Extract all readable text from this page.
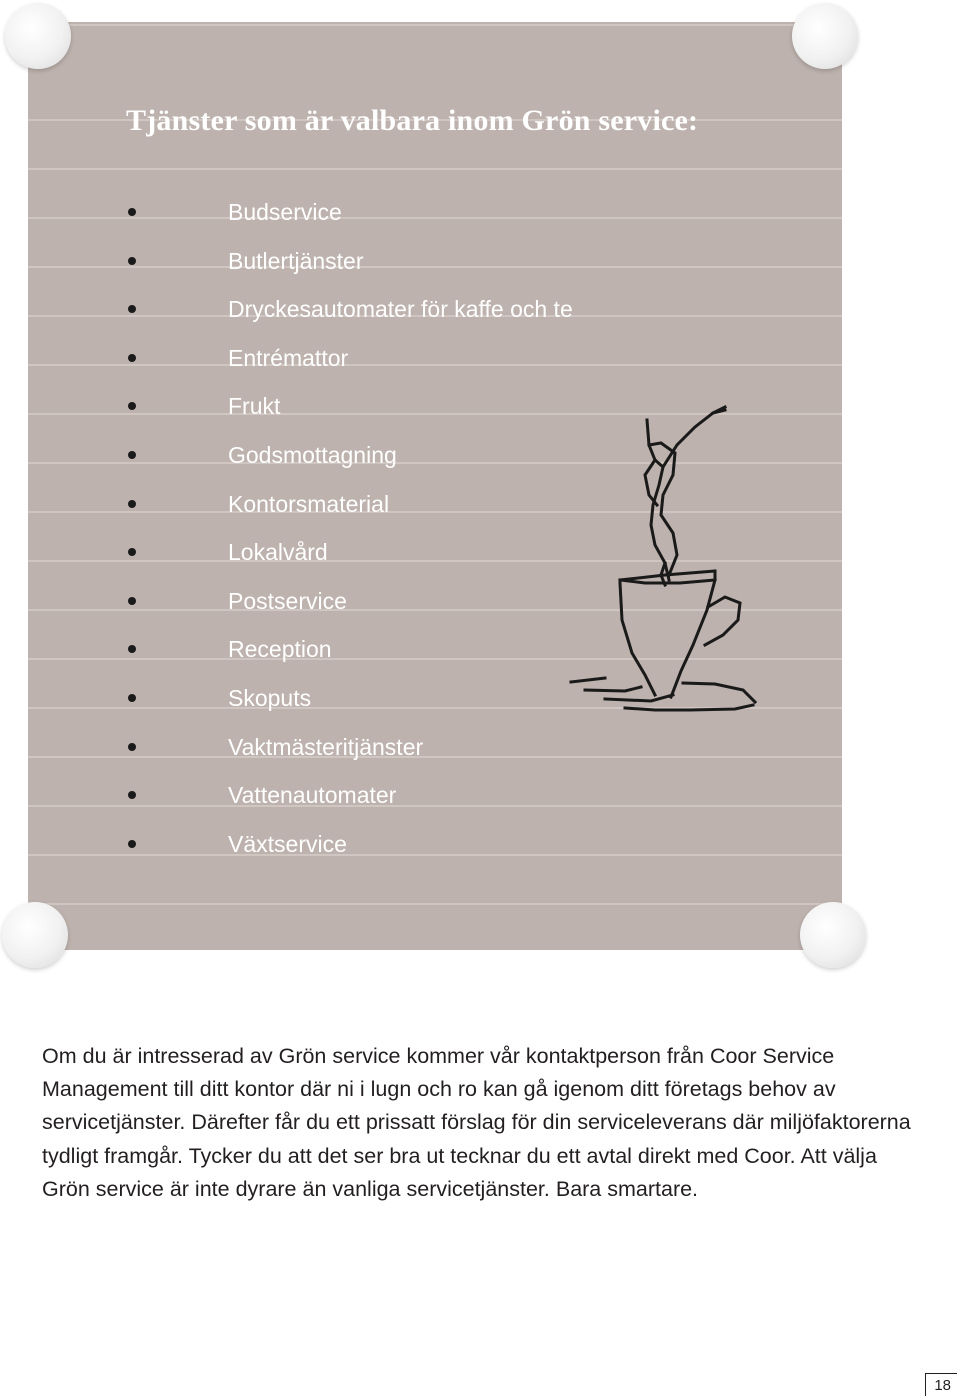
Tjänster som är valbara inom Grön service:
Budservice
Butlertjänster
Dryckesautomater för kaffe och te
Entrémattor
Frukt
Godsmottagning
Kontorsmaterial
Lokalvård
Postservice
Reception
Skoputs
Vaktmästeritjänster
Vattenautomater
Växtservice

Om du är intresserad av Grön service kommer vår kontaktperson från Coor Service Management till ditt kontor där ni i lugn och ro kan gå igenom ditt företags behov av servicetjänster. Därefter får du ett prissatt förslag för din serviceleverans där miljöfaktorerna tydligt framgår. Tycker du att det ser bra ut tecknar du ett avtal direkt med Coor. Att välja Grön service är inte dyrare än vanliga servicetjänster. Bara smartare.

18
